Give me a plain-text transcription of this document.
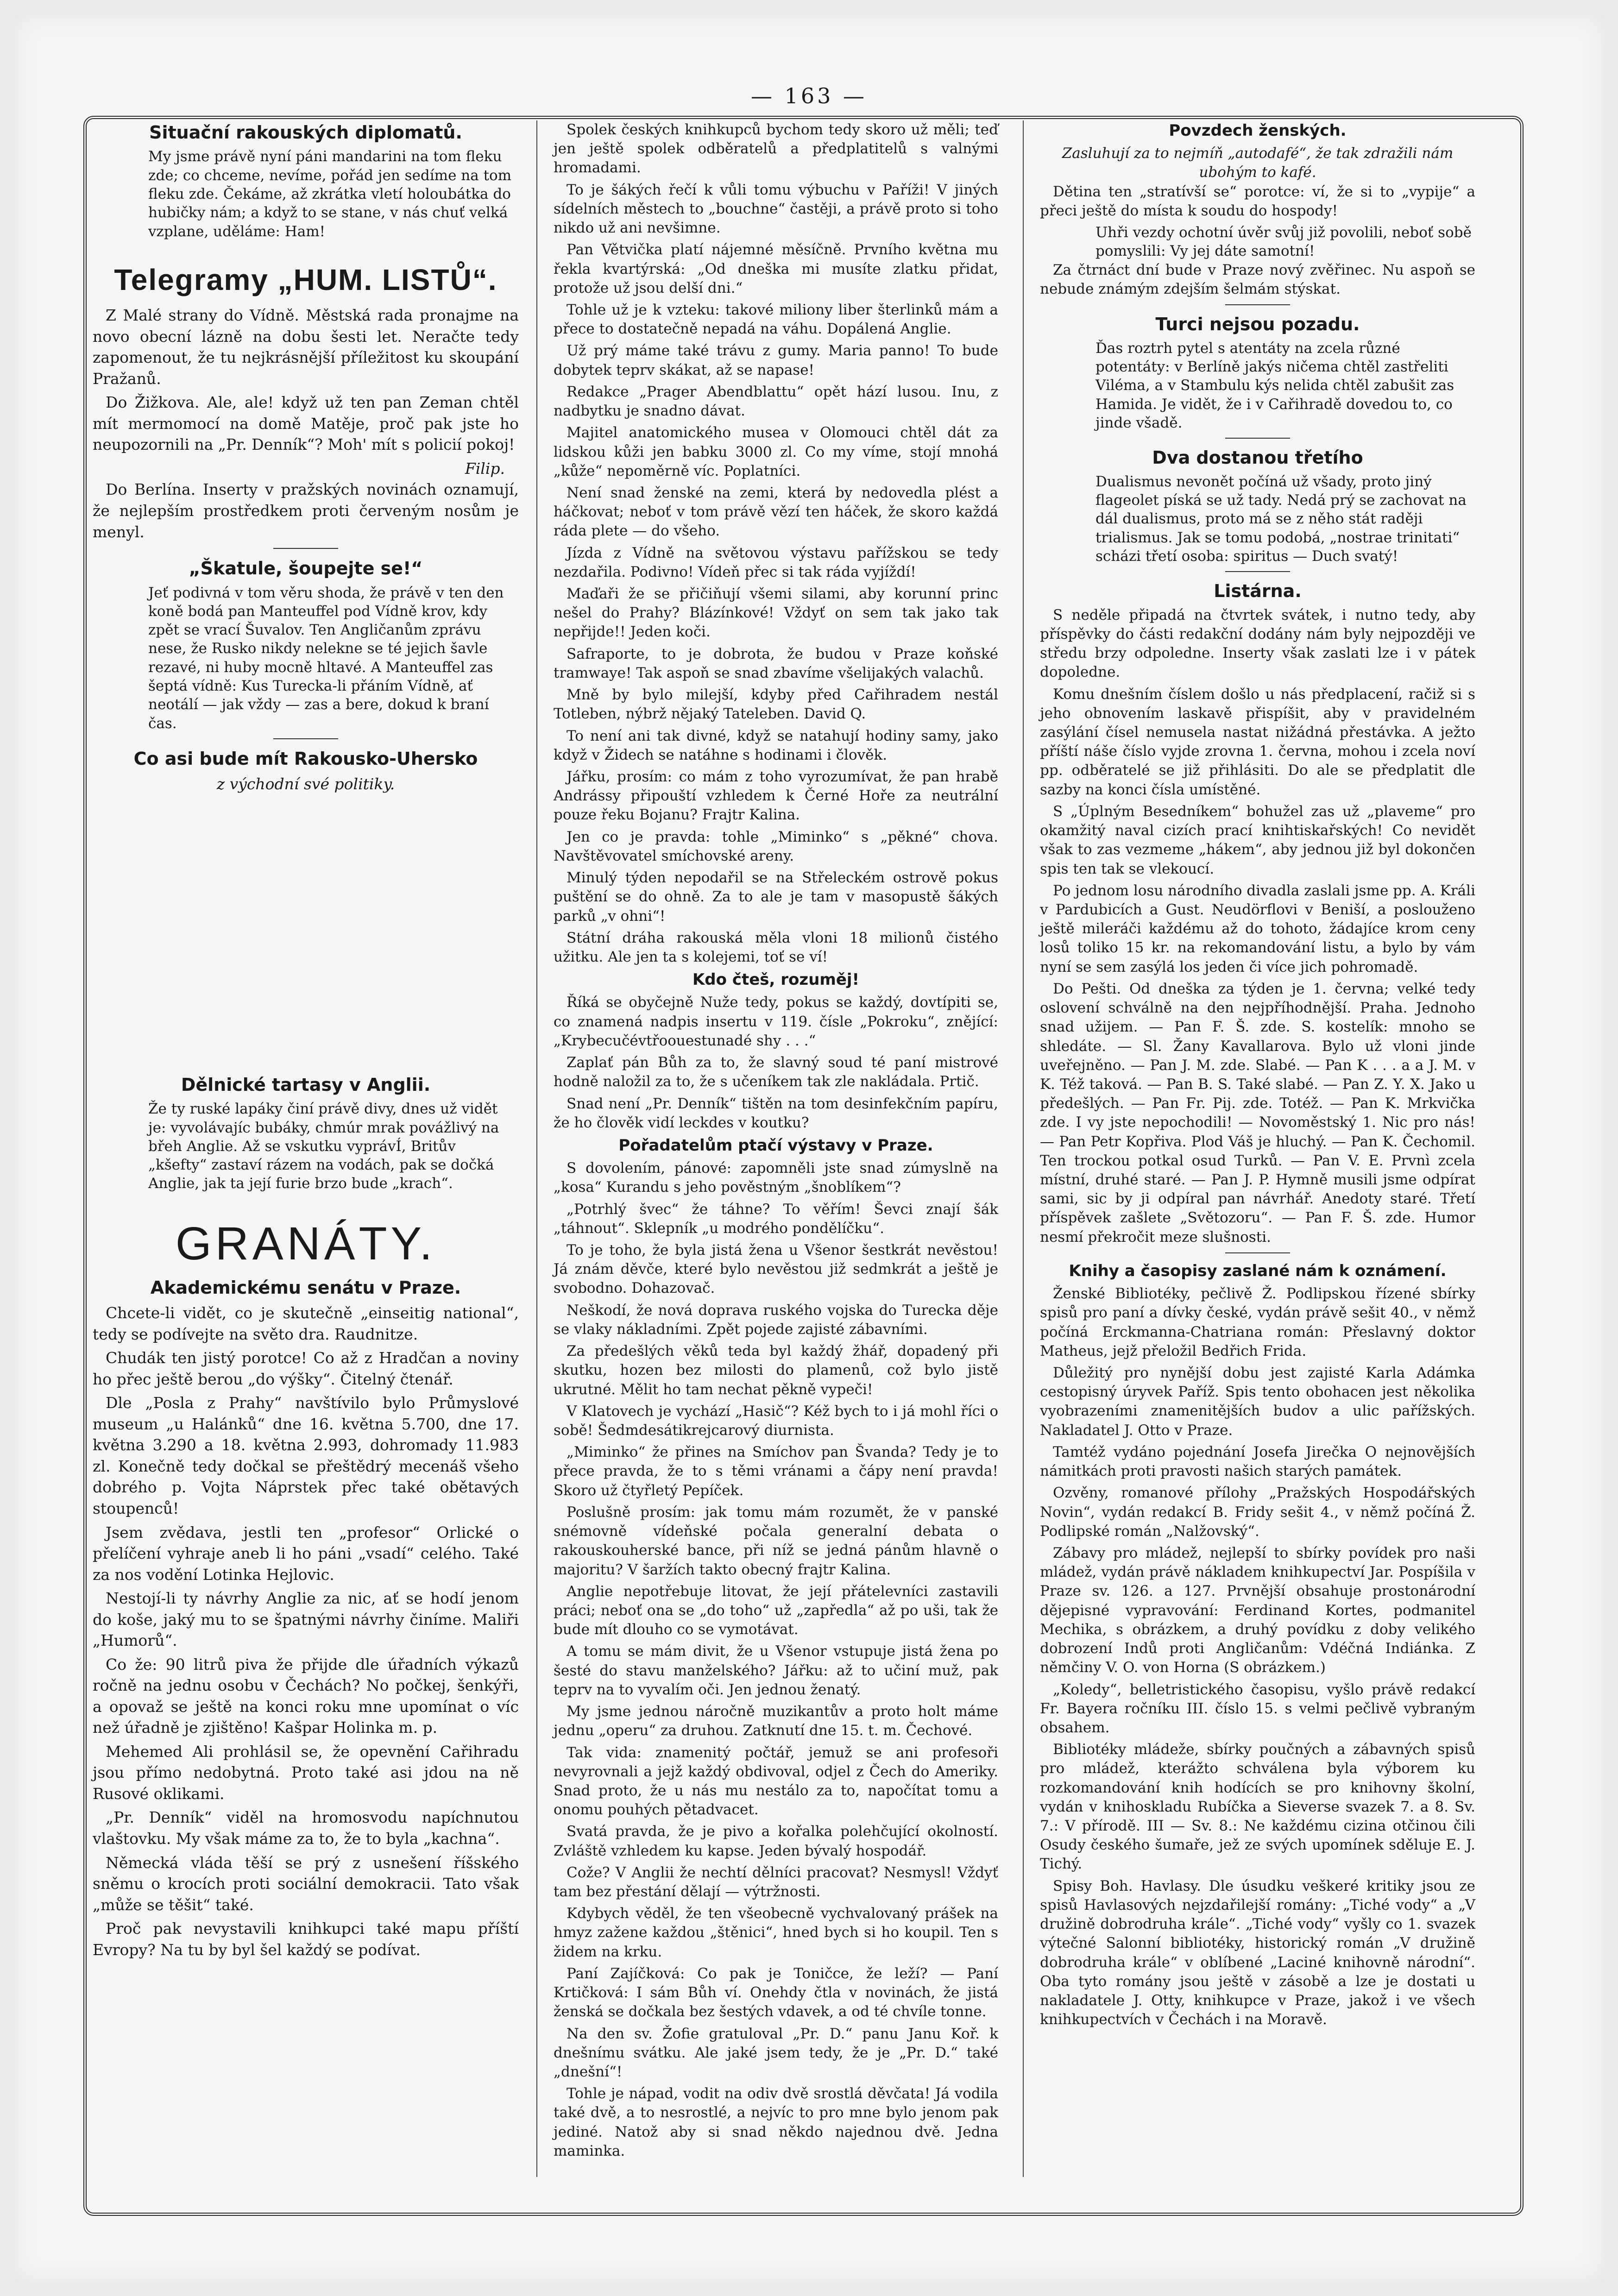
— 163 —
Situační rakouských diplomatů.
My jsme právě nyní páni mandarini na tom fleku zde; co chceme, nevíme, pořád jen sedíme na tom fleku zde. Čekáme, až zkrátka vletí holoubátka do hubičky nám; a když to se stane, v nás chuť velká vzplane, uděláme: Ham!
Telegramy „HUM. LISTŮ“.

Z Malé strany do Vídně. Městská rada pronajme na novo obecní lázně na dobu šesti let. Neračte tedy zapomenout, že tu nejkrásnější příležitost ku skoupání Pražanů.

Do Žižkova. Ale, ale! když už ten pan Zeman chtěl mít mermomocí na domě Matěje, proč pak jste ho neupozornili na „Pr. Denník“? Moh' mít s policií pokoj!

Filip.

Do Berlína. Inserty v pražských novinách oznamují, že nejlepším prostředkem proti červeným nosům je menyl.

„Škatule, šoupejte se!“
Jeť podivná v tom věru shoda, že právě v ten den koně bodá pan Manteuffel pod Vídně krov, kdy zpět se vrací Šuvalov. Ten Angličanům zprávu nese, že Rusko nikdy nelekne se té jejich šavle rezavé, ni huby mocně hltavé. A Manteuffel zas šeptá vídně: Kus Turecka-li přáním Vídně, ať neotálí — jak vždy — zas a bere, dokud k braní čas.
Co asi bude mít Rakousko-Uhersko
z východní své politiky.
Dělnické tartasy v Anglii.
Že ty ruské lapáky činí právě divy, dnes už vidět je: vyvolávajíc bubáky, chmúr mrak povážlivý na břeh Anglie. Až se vskutku vyprávÍ, Britův „kšefty“ zastaví rázem na vodách, pak se dočká Anglie, jak ta její furie brzo bude „krach“.
GRANÁTY.
Akademickému senátu v Praze.

Chcete-li vidět, co je skutečně „einseitig national“, tedy se podívejte na světo dra. Raudnitze.

Chudák ten jistý porotce! Co až z Hradčan a noviny ho přec ještě berou „do výšky“. Čitelný čtenář.

Dle „Posla z Prahy“ navštívilo bylo Průmyslové museum „u Halánků“ dne 16. května 5.700, dne 17. května 3.290 a 18. května 2.993, dohromady 11.983 zl. Konečně tedy dočkal se přeštědrý mecenáš všeho dobrého p. Vojta Náprstek přec také obětavých stoupenců!

Jsem zvědava, jestli ten „profesor“ Orlické o přelíčení vyhraje aneb li ho páni „vsadí“ celého. Také za nos vodění Lotinka Hejlovic.

Nestojí-li ty návrhy Anglie za nic, ať se hodí jenom do koše, jaký mu to se špatnými návrhy činíme. Maliři „Humorů“.

Co že: 90 litrů piva že přijde dle úřadních výkazů ročně na jednu osobu v Čechách? No počkej, šenkýři, a opovaž se ještě na konci roku mne upomínat o víc než úřadně je zjištěno! Kašpar Holinka m. p.

Mehemed Ali prohlásil se, že opevnění Cařihradu jsou přímo nedobytná. Proto také asi jdou na ně Rusové oklikami.

„Pr. Denník“ viděl na hromosvodu napíchnutou vlaštovku. My však máme za to, že to byla „kachna“.

Německá vláda těší se prý z usnešení říšského sněmu o krocích proti sociální demokracii. Tato však „může se těšit“ také.

Proč pak nevystavili knihkupci také mapu příští Evropy? Na tu by byl šel každý se podívat.

Spolek českých knihkupců bychom tedy skoro už měli; teď jen ještě spolek odběratelů a předplatitelů s valnými hromadami.

To je šákých řečí k vůli tomu výbuchu v Paříži! V jiných sídelních městech to „bouchne“ častěji, a právě proto si toho nikdo už ani nevšimne.

Pan Větvička platí nájemné měsíčně. Prvního května mu řekla kvartýrská: „Od dneška mi musíte zlatku přidat, protože už jsou delší dni.“

Tohle už je k vzteku: takové miliony liber šterlinků mám a přece to dostatečně nepadá na váhu. Dopálená Anglie.

Už prý máme také trávu z gumy. Maria panno! To bude dobytek teprv skákat, až se napase!

Redakce „Prager Abendblattu“ opět hází lusou. Inu, z nadbytku je snadno dávat.

Majitel anatomického musea v Olomouci chtěl dát za lidskou kůži jen babku 3000 zl. Co my víme, stojí mnohá „kůže“ nepoměrně víc. Poplatníci.

Není snad ženské na zemi, která by nedovedla plést a háčkovat; neboť v tom právě vězí ten háček, že skoro každá ráda plete — do všeho.

Jízda z Vídně na světovou výstavu pařížskou se tedy nezdařila. Podivno! Vídeň přec si tak ráda vyjíždí!

Maďaři že se přičiňují všemi silami, aby korunní princ nešel do Prahy? Blázínkové! Vždyť on sem tak jako tak nepřijde!! Jeden koči.

Safraporte, to je dobrota, že budou v Praze koňské tramwaye! Tak aspoň se snad zbavíme všelijakých valachů.

Mně by bylo milejší, kdyby před Cařihradem nestál Totleben, nýbrž nějaký Tateleben. David Q.

To není ani tak divné, když se natahují hodiny samy, jako když v Židech se natáhne s hodinami i člověk.

Jářku, prosím: co mám z toho vyrozumívat, že pan hrabě Andrássy připouští vzhledem k Černé Hoře za neutrální pouze řeku Bojanu? Frajtr Kalina.

Jen co je pravda: tohle „Miminko“ s „pěkné“ chova. Navštěvovatel smíchovské areny.

Minulý týden nepodařil se na Střeleckém ostrově pokus puštění se do ohně. Za to ale je tam v masopustě šákých parků „v ohni“!

Státní dráha rakouská měla vloni 18 milionů čistého užitku. Ale jen ta s kolejemi, toť se ví!

Kdo čteš, rozuměj!

Říká se obyčejně Nuže tedy, pokus se každý, dovtípiti se, co znamená nadpis insertu v 119. čísle „Pokroku“, znějící: „Krybecučévtřoouestunadé shy . . .“

Zaplať pán Bůh za to, že slavný soud té paní mistrové hodně naložil za to, že s učeníkem tak zle nakládala. Prtič.

Snad není „Pr. Denník“ tištěn na tom desinfekčním papíru, že ho člověk vidí leckdes v koutku?

Pořadatelům ptačí výstavy v Praze.

S dovolením, pánové: zapomněli jste snad zúmyslně na „kosa“ Kurandu s jeho pověstným „šnoblíkem“?

„Potrhlý švec“ že táhne? To věřím! Ševci znají šák „táhnout“. Sklepník „u modrého pondělíčku“.

To je toho, že byla jistá žena u Všenor šestkrát nevěstou! Já znám děvče, které bylo nevěstou již sedmkrát a ještě je svobodno. Dohazovač.

Neškodí, že nová doprava ruského vojska do Turecka děje se vlaky nákladními. Zpět pojede zajisté zábavními.

Za předešlých věků teda byl každý žhář, dopadený při skutku, hozen bez milosti do plamenů, což bylo jistě ukrutné. Mělit ho tam nechat pěkně vypeči!

V Klatovech je vychází „Hasič“? Kéž bych to i já mohl říci o sobě! Šedmdesátikrejcarový diurnista.

„Miminko“ že přines na Smíchov pan Švanda? Tedy je to přece pravda, že to s těmi vránami a čápy není pravda! Skoro už čtyřletý Pepíček.

Poslušně prosím: jak tomu mám rozumět, že v panské snémovně vídeňské počala generalní debata o rakouskouherské bance, při níž se jedná pánům hlavně o majoritu? V šaržích takto obecný frajtr Kalina.

Anglie nepotřebuje litovat, že její přátelevníci zastavili práci; neboť ona se „do toho“ už „zapředla“ až po uši, tak že bude mít dlouho co se vymotávat.

A tomu se mám divit, že u Všenor vstupuje jistá žena po šesté do stavu manželského? Jářku: až to učiní muž, pak teprv na to vyvalím oči. Jen jednou ženatý.

My jsme jednou náročně muzikantův a proto holt máme jednu „operu“ za druhou. Zatknutí dne 15. t. m. Čechové.

Tak vida: znamenitý počtář, jemuž se ani profesoři nevyrovnali a jejž každý obdivoval, odjel z Čech do Ameriky. Snad proto, že u nás mu nestálo za to, napočítat tomu a onomu pouhých pětadvacet.

Svatá pravda, že je pivo a kořalka polehčující okolností. Zvláště vzhledem ku kapse. Jeden bývalý hospodář.

Cože? V Anglii že nechtí dělníci pracovat? Nesmysl! Vždyť tam bez přestání dělají — výtržnosti.

Kdybych věděl, že ten všeobecně vychvalovaný prášek na hmyz zažene každou „štěnici“, hned bych si ho koupil. Ten s židem na krku.

Paní Zajíčková: Co pak je Toničce, že leží? — Paní Krtičková: I sám Bůh ví. Onehdy čtla v novinách, že jistá ženská se dočkala bez šestých vdavek, a od té chvíle tonne.

Na den sv. Žofie gratuloval „Pr. D.“ panu Janu Koř. k dnešnímu svátku. Ale jaké jsem tedy, že je „Pr. D.“ také „dnešní“!

Tohle je nápad, vodit na odiv dvě srostlá děvčata! Já vodila také dvě, a to nesrostlé, a nejvíc to pro mne bylo jenom pak jediné. Natož aby si snad někdo najednou dvě. Jedna maminka.

Povzdech ženských.
Zasluhují za to nejmíň „autodafé“, že tak zdražili nám ubohým to kafé.

Dětina ten „stratívší se“ porotce: ví, že si to „vypije“ a přeci ještě do místa k soudu do hospody!

Uhři vezdy ochotní úvěr svůj již povolili, neboť sobě pomyslili: Vy jej dáte samotní!

Za čtrnáct dní bude v Praze nový zvěřinec. Nu aspoň se nebude známým zdejším šelmám stýskat.

Turci nejsou pozadu.
Ďas roztrh pytel s atentáty na zcela různé potentáty: v Berlíně jakýs ničema chtěl zastřeliti Viléma, a v Stambulu kýs nelida chtěl zabušit zas Hamida. Je vidět, že i v Cařihradě dovedou to, co jinde všadě.
Dva dostanou třetího
Dualismus nevonět počíná už všady, proto jiný flageolet píská se už tady. Nedá prý se zachovat na dál dualismus, proto má se z něho stát raději trialismus. Jak se tomu podobá, „nostrae trinitati“ scházi třetí osoba: spiritus — Duch svatý!
Listárna.

S neděle připadá na čtvrtek svátek, i nutno tedy, aby příspěvky do části redakční dodány nám byly nejpozději ve středu brzy odpoledne. Inserty však zaslati lze i v pátek dopoledne.

Komu dnešním číslem došlo u nás předplacení, račiž si s jeho obnovením laskavě přispíšit, aby v pravidelném zasýlání čísel nemusela nastat nižádná přestávka. A ježto příští náše číslo vyjde zrovna 1. června, mohou i zcela noví pp. odběratelé se již přihlásiti. Do ale se předplatit dle sazby na konci čísla umístěné.

S „Úplným Besedníkem“ bohužel zas už „plaveme“ pro okamžitý naval cizích prací knihtiskařských! Co nevidět však to zas vezmeme „hákem“, aby jednou již byl dokončen spis ten tak se vlekoucí.

Po jednom losu národního divadla zaslali jsme pp. A. Králi v Pardubicích a Gust. Neudörflovi v Beniší, a poslouženo ještě mileráči každému až do tohoto, žádajíce krom ceny losů toliko 15 kr. na rekomandování listu, a bylo by vám nyní se sem zasýlá los jeden či více jich pohromadě.

Do Pešti. Od dneška za týden je 1. června; velké tedy oslovení schválně na den nejpříhodnější. Praha. Jednoho snad užijem. — Pan F. Š. zde. S. kostelík: mnoho se shledáte. — Sl. Žany Kavallarova. Bylo už vloni jinde uveřejněno. — Pan J. M. zde. Slabé. — Pan K . . . a a J. M. v K. Též taková. — Pan B. S. Také slabé. — Pan Z. Y. X. Jako u předešlých. — Pan Fr. Pij. zde. Totéž. — Pan K. Mrkvička zde. I vy jste nepochodili! — Novoměstský 1. Nic pro nás! — Pan Petr Kopřiva. Plod Váš je hluchý. — Pan K. Čechomil. Ten trockou potkal osud Turků. — Pan V. E. Prvnì zcela místní, druhé staré. — Pan J. P. Hymně musili jsme odpírat sami, sic by ji odpíral pan návrhář. Anedoty staré. Třetí příspěvek zašlete „Světozoru“. — Pan F. Š. zde. Humor nesmí překročit meze slušnosti.

Knihy a časopisy zaslané nám k oznámení.

Ženské Bibliotéky, pečlivě Ž. Podlipskou řízené sbírky spisů pro paní a dívky české, vydán právě sešit 40., v němž počíná Erckmanna-Chatriana román: Přeslavný doktor Matheus, jejž přeložil Bedřich Frida.

Důležitý pro nynější dobu jest zajisté Karla Adámka cestopisný úryvek Paříž. Spis tento obohacen jest několika vyobrazeními znamenitějších budov a ulic pařížských. Nakladatel J. Otto v Praze.

Tamtéž vydáno pojednání Josefa Jirečka O nejnovějších námitkách proti pravosti našich starých památek.

Ozvěny, romanové přílohy „Pražských Hospodářských Novin“, vydán redakcí B. Fridy sešit 4., v němž počíná Ž. Podlipské román „Nalžovský“.

Zábavy pro mládež, nejlepší to sbírky povídek pro naši mládež, vydán právě nákladem knihkupectví Jar. Pospíšila v Praze sv. 126. a 127. Prvnější obsahuje prostonárodní dějepisné vypravování: Ferdinand Kortes, podmanitel Mechika, s obrázkem, a druhý povídku z doby velikého dobrození Indů proti Angličanům: Vdéčná Indiánka. Z němčiny V. O. von Horna (S obrázkem.)

„Koledy“, belletristického časopisu, vyšlo právě redakcí Fr. Bayera ročníku III. číslo 15. s velmi pečlivě vybraným obsahem.

Bibliotéky mládeže, sbírky poučných a zábavných spisů pro mládež, kterážto schválena byla výborem ku rozkomandování knih hodících se pro knihovny školní, vydán v knihoskladu Rubíčka a Sieverse svazek 7. a 8. Sv. 7.: V přírodě. III — Sv. 8.: Ne každému cizina otčinou čili Osudy českého šumaře, jež ze svých upomínek sděluje E. J. Tichý.

Spisy Boh. Havlasy. Dle úsudku veškeré kritiky jsou ze spisů Havlasových nejzdařilejší romány: „Tiché vody“ a „V družině dobrodruha krále“. „Tiché vody“ vyšly co 1. svazek výtečné Salonní bibliotéky, historický román „V družině dobrodruha krále“ v oblíbené „Laciné knihovně národní“. Oba tyto romány jsou ještě v zásobě a lze je dostati u nakladatele J. Otty, knihkupce v Praze, jakož i ve všech knihkupectvích v Čechách i na Moravě.
